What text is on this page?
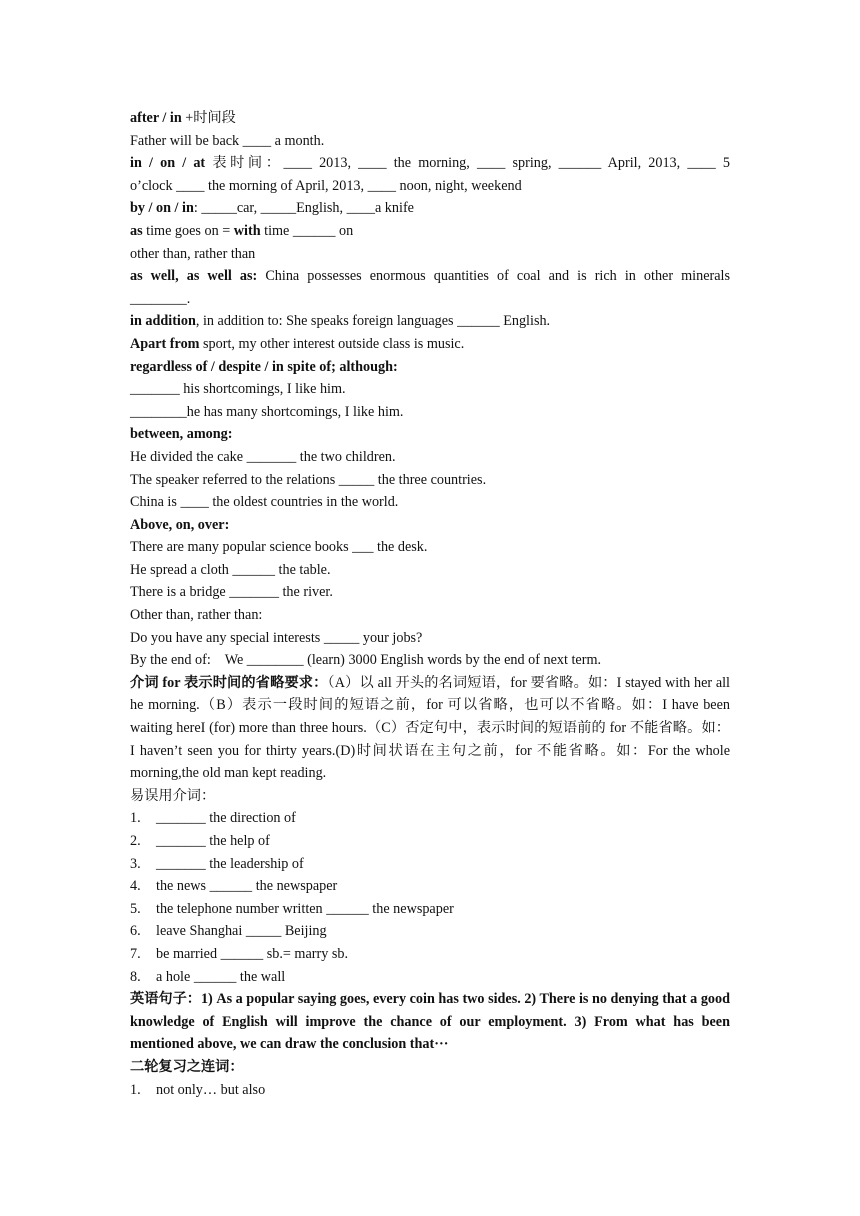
after / in +时间段

Father will be back ____ a month.

in / on / at 表时间：____ 2013, ____ the morning, ____ spring, ______ April, 2013, ____ 5

o’clock ____ the morning of April, 2013, ____ noon, night, weekend

by / on / in: _____car, _____English, ____a knife

as time goes on = with time ______ on

other than, rather than

as well, as well as: China possesses enormous quantities of coal and is rich in other minerals

________.

in addition, in addition to: She speaks foreign languages ______ English.

Apart from sport, my other interest outside class is music.

regardless of / despite / in spite of; although:

_______ his shortcomings, I like him.

________he has many shortcomings, I like him.

between, among:

He divided the cake _______ the two children.

The speaker referred to the relations _____ the three countries.

China is ____ the oldest countries in the world.

Above, on, over:

There are many popular science books ___ the desk.

He spread a cloth ______ the table.

There is a bridge _______ the river.

Other than, rather than:

Do you have any special interests _____ your jobs?

By the end of:    We ________ (learn) 3000 English words by the end of next term.

介词 for 表示时间的省略要求：（A）以 all 开头的名词短语，for 要省略。如：I stayed with her all he morning.（B）表示一段时间的短语之前，for 可以省略，也可以不省略。如：I have been waiting hereI (for) more than three hours.（C）否定句中，表示时间的短语前的 for 不能省略。如：I haven’t seen you for thirty years.(D)时间状语在主句之前，for 不能省略。如：For the whole morning,the old man kept reading.

易误用介词：

1.	_______ the direction of
2.	_______ the help of
3.	_______ the leadership of
4.	the news ______ the newspaper
5.	the telephone number written ______ the newspaper
6.	leave Shanghai _____ Beijing
7.	be married ______ sb.= marry sb.
8.	a hole ______ the wall

英语句子：1) As a popular saying goes, every coin has two sides. 2) There is no denying that a good knowledge of English will improve the chance of our employment. 3) From what has been mentioned above, we can draw the conclusion that···

二轮复习之连词：

1.	not only… but also
